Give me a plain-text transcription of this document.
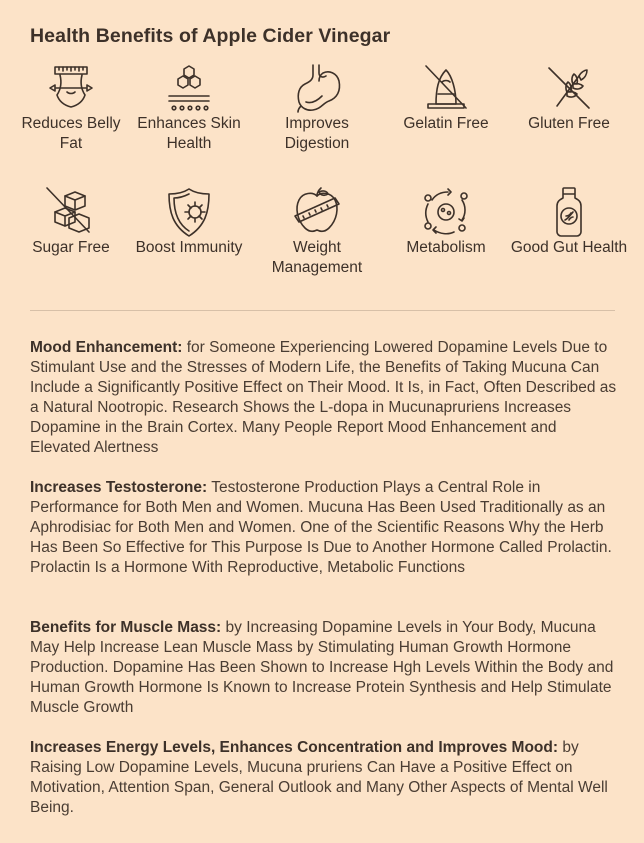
Health Benefits of Apple Cider Vinegar
Reduces Belly Fat
Enhances Skin Health
Improves Digestion
Gelatin Free	Gluten Free
Sugar Free	Boost Immunity	Weight Management
Metabolism	Good Gut Health

Mood Enhancement: for Someone Experiencing Lowered Dopamine Levels Due to Stimulant Use and the Stresses of Modern Life, the Benefits of Taking Mucuna Can Include a Significantly Positive Effect on Their Mood. It Is, in Fact, Often Described as a Natural Nootropic. Research Shows the L-dopa in Mucunapruriens Increases Dopamine in the Brain Cortex. Many People Report Mood Enhancement and Elevated Alertness

Increases Testosterone: Testosterone Production Plays a Central Role in Performance for Both Men and Women. Mucuna Has Been Used Traditionally as an Aphrodisiac for Both Men and Women. One of the Scientific Reasons Why the Herb Has Been So Effective for This Purpose Is Due to Another Hormone Called Prolactin. Prolactin Is a Hormone With Reproductive, Metabolic Functions

Benefits for Muscle Mass: by Increasing Dopamine Levels in Your Body, Mucuna May Help Increase Lean Muscle Mass by Stimulating Human Growth Hormone Production. Dopamine Has Been Shown to Increase Hgh Levels Within the Body and Human Growth Hormone Is Known to Increase Protein Synthesis and Help Stimulate Muscle Growth

Increases Energy Levels, Enhances Concentration and Improves Mood: by Raising Low Dopamine Levels, Mucuna pruriens Can Have a Positive Effect on Motivation, Attention Span, General Outlook and Many Other Aspects of Mental Well Being.
